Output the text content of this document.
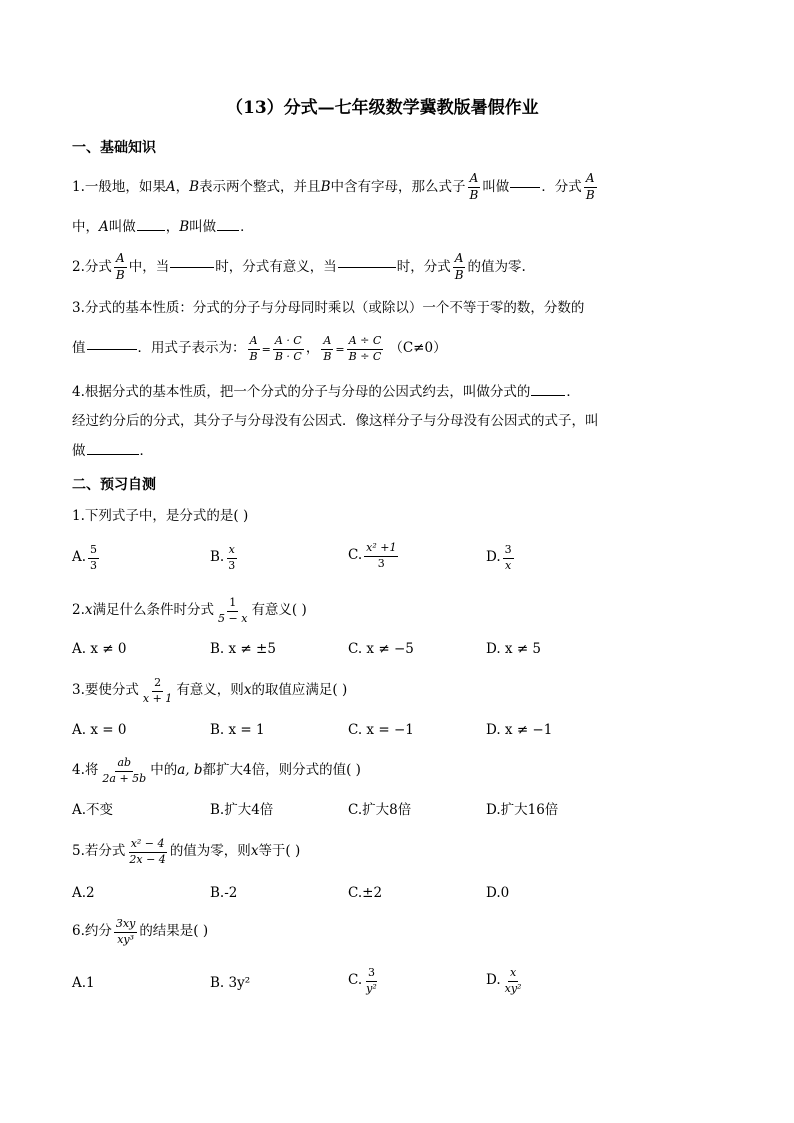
（13）分式—七年级数学冀教版暑假作业
一、基础知识
1.一般地，如果 A ， B 表示两个整式，并且 B 中含有字母，那么式子 $\frac{A}{B}$ 叫做 ．分式 $\frac{A}{B}$
中，A叫做 ，B叫做 ．
2.分式 $\frac{A}{B}$ 中，当	时，分式有意义，当	时，分式 $\frac{A}{B}$ 的值为零.
3.分式的基本性质：分式的分子与分母同时乘以（或除以）一个不等于零的数，分数的
值	．用式子表示为： $\frac{A}{B} = \frac{A \cdot C}{B \cdot C}$ ， $\frac{A}{B} = \frac{A \div C}{B \div C} (C\ne 0)$
4.根据分式的基本性质，把一个分式的分子与分母的公因式约去，叫做分式的	．
经过约分后的分式，其分子与分母没有公因式．像这样分子与分母没有公因式的式子，叫
做	．
二、预习自测
1.下列式子中，是分式的是( )
A. $\frac{5}{3}$	B. $\frac{x}{3}$	C. $\frac{\text{x² +1}}{3}$	D. $\frac{3}{x}$
2. x 满足什么条件时分式 $\frac{1}{5 - x}$ 有意义( )
A. x ≠ 0	B. x ≠ ±5	C. x ≠ −5	D. x ≠ 5
3.要使分式 $\frac{2}{x + 1}$ 有意义，则 x 的取值应满足( )
A. x = 0	B. x = 1	C. x = −1	D. x ≠ −1
4.将 $\frac{ab}{2a + 5b}$ 中的 a, b 都扩大4倍，则分式的值( )
A.不变	B.扩大4倍	C.扩大8倍	D.扩大16倍
5.若分式 $\frac{\text{x² − 4}}{2x - 4}$ 的值为零，则 x 等于( )
A.2	B.-2	C.±2	D.0
6.约分 $\frac{3xy}{\text{xy³}}$ 的结果是( )
A.1	B. 3y²	C. $\frac{3}{\text{y²}}$	D. $\frac{x}{\text{xy²}}$
